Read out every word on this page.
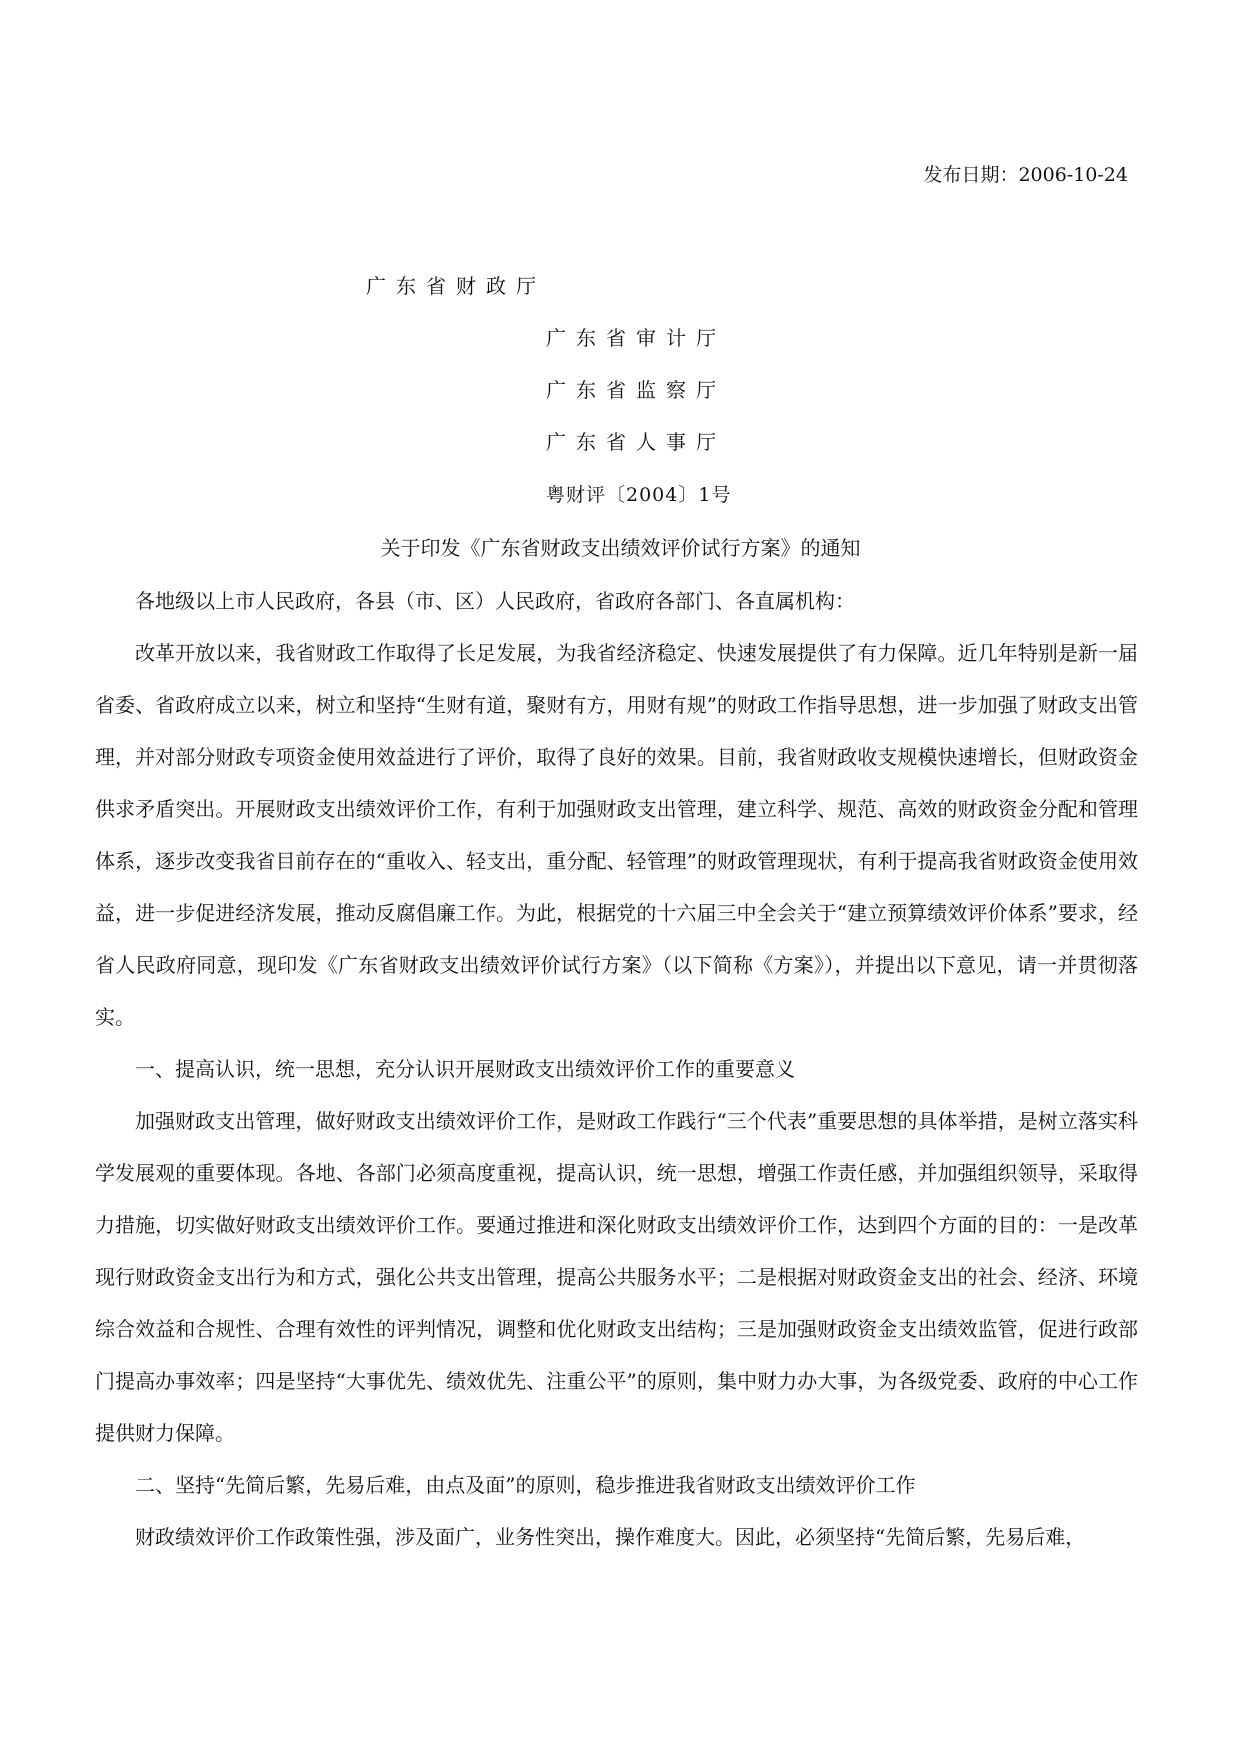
发布日期：2006-10-24
广东省财政厅
广东省审计厅
广东省监察厅
广东省人事厅
粤财评〔2004〕1号
关于印发《广东省财政支出绩效评价试行方案》的通知
各地级以上市人民政府，各县（市、区）人民政府，省政府各部门、各直属机构：

改革开放以来，我省财政工作取得了长足发展，为我省经济稳定、快速发展提供了有力保障。近几年特别是新一届省委、省政府成立以来，树立和坚持“生财有道，聚财有方，用财有规”的财政工作指导思想，进一步加强了财政支出管理，并对部分财政专项资金使用效益进行了评价，取得了良好的效果。目前，我省财政收支规模快速增长，但财政资金供求矛盾突出。开展财政支出绩效评价工作，有利于加强财政支出管理，建立科学、规范、高效的财政资金分配和管理体系，逐步改变我省目前存在的“重收入、轻支出，重分配、轻管理”的财政管理现状，有利于提高我省财政资金使用效益，进一步促进经济发展，推动反腐倡廉工作。为此，根据党的十六届三中全会关于“建立预算绩效评价体系”要求，经省人民政府同意，现印发《广东省财政支出绩效评价试行方案》（以下简称《方案》），并提出以下意见，请一并贯彻落实。

一、提高认识，统一思想，充分认识开展财政支出绩效评价工作的重要意义

加强财政支出管理，做好财政支出绩效评价工作，是财政工作践行“三个代表”重要思想的具体举措，是树立落实科学发展观的重要体现。各地、各部门必须高度重视，提高认识，统一思想，增强工作责任感，并加强组织领导，采取得力措施，切实做好财政支出绩效评价工作。要通过推进和深化财政支出绩效评价工作，达到四个方面的目的：一是改革现行财政资金支出行为和方式，强化公共支出管理，提高公共服务水平；二是根据对财政资金支出的社会、经济、环境综合效益和合规性、合理有效性的评判情况，调整和优化财政支出结构；三是加强财政资金支出绩效监管，促进行政部门提高办事效率；四是坚持“大事优先、绩效优先、注重公平”的原则，集中财力办大事，为各级党委、政府的中心工作提供财力保障。

二、坚持“先简后繁，先易后难，由点及面”的原则，稳步推进我省财政支出绩效评价工作

财政绩效评价工作政策性强，涉及面广，业务性突出，操作难度大。因此，必须坚持“先简后繁，先易后难，
